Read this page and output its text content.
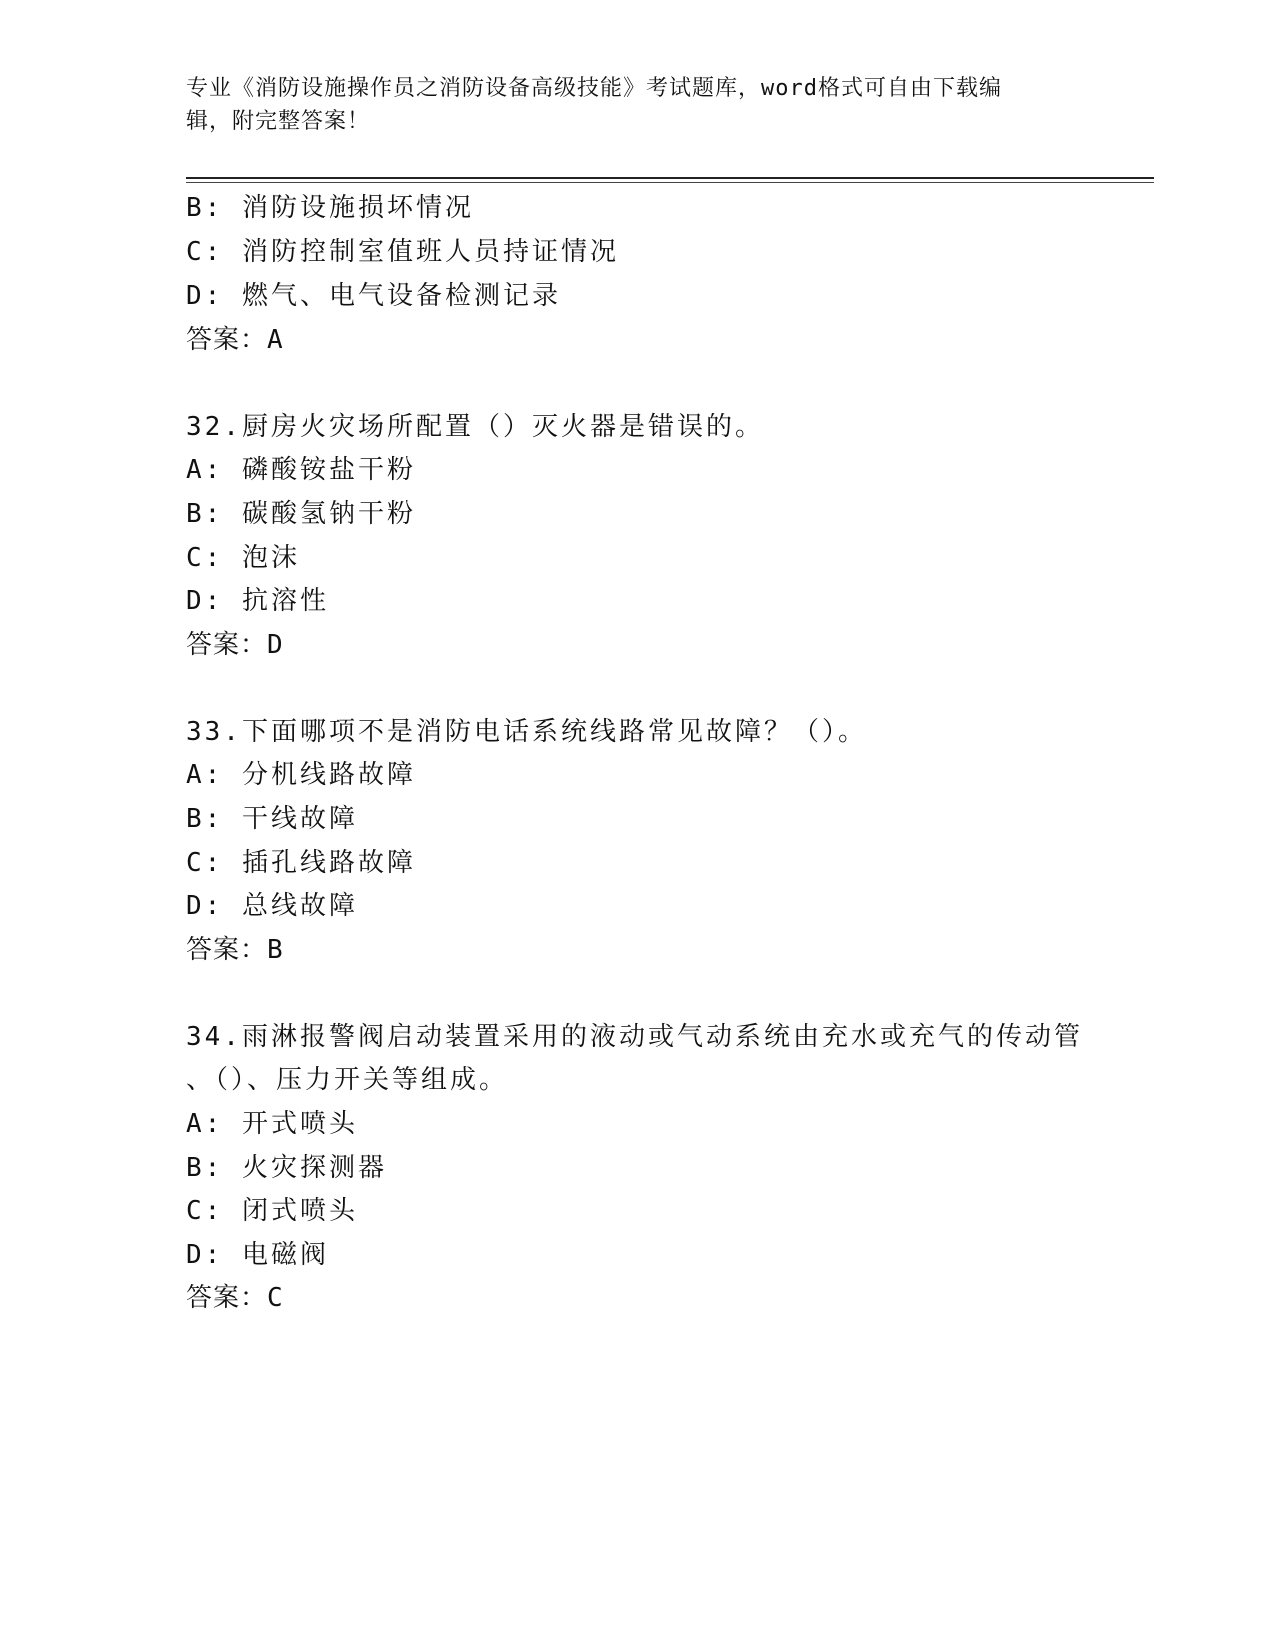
专业《消防设施操作员之消防设备高级技能》考试题库，word格式可自由下载编
辑，附完整答案！
B: 消防设施损坏情况
C: 消防控制室值班人员持证情况
D: 燃气、电气设备检测记录
答案：A
32.厨房火灾场所配置（）灭火器是错误的。
A: 磷酸铵盐干粉
B: 碳酸氢钠干粉
C: 泡沫
D: 抗溶性
答案：D
33.下面哪项不是消防电话系统线路常见故障？（）。
A: 分机线路故障
B: 干线故障
C: 插孔线路故障
D: 总线故障
答案：B
34.雨淋报警阀启动装置采用的液动或气动系统由充水或充气的传动管
、（）、压力开关等组成。
A: 开式喷头
B: 火灾探测器
C: 闭式喷头
D: 电磁阀
答案：C
